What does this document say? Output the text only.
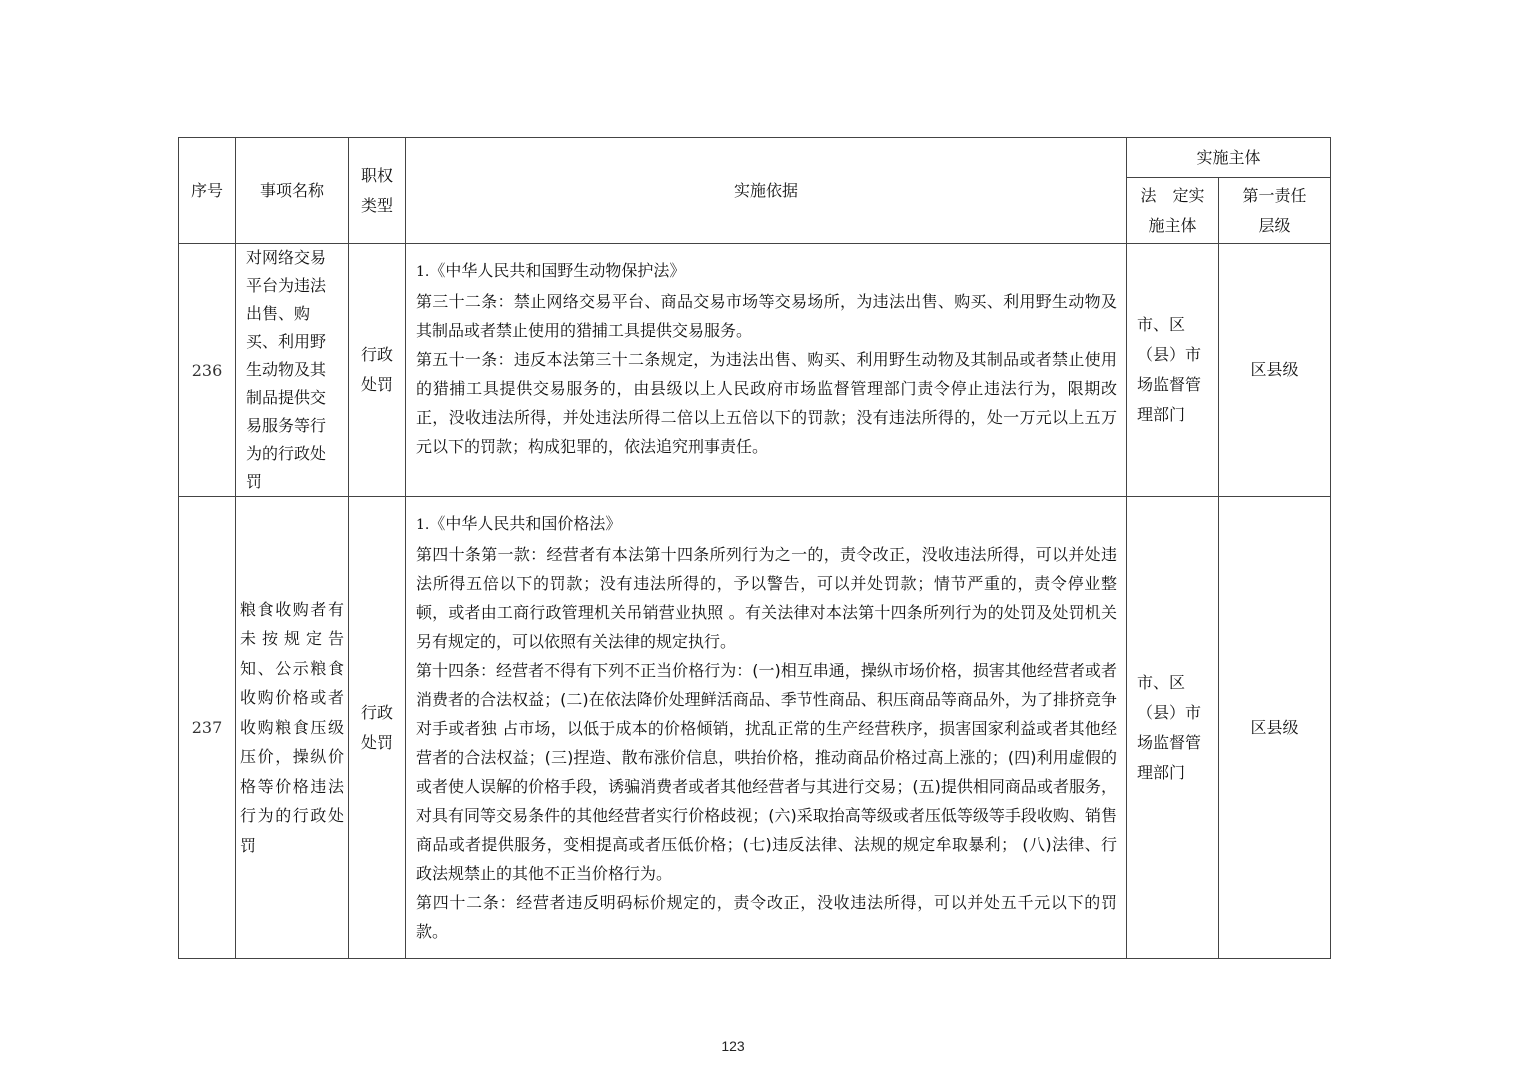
序号	事项名称	职权类型	实施依据	实施主体	
				法　定实施主体	第一责任层级
236	对网络交易平台为违法出售、购买、利用野生动物及其制品提供交易服务等行为的行政处罚	行政处罚	1.《中华人民共和国野生动物保护法》

第三十二条：禁止网络交易平台、商品交易市场等交易场所，为违法出售、购买、利用野生动物及其制品或者禁止使用的猎捕工具提供交易服务。

第五十一条：违反本法第三十二条规定，为违法出售、购买、利用野生动物及其制品或者禁止使用的猎捕工具提供交易服务的，由县级以上人民政府市场监督管理部门责令停止违法行为，限期改正，没收违法所得，并处违法所得二倍以上五倍以下的罚款；没有违法所得的，处一万元以上五万元以下的罚款；构成犯罪的，依法追究刑事责任。	市、区（县）市场监督管理部门	区县级
237	粮食收购者有未按规定告知、公示粮食收购价格或者收购粮食压级压价，操纵价格等价格违法行为的行政处罚	行政处罚	1.《中华人民共和国价格法》

第四十条第一款：经营者有本法第十四条所列行为之一的，责令改正，没收违法所得，可以并处违法所得五倍以下的罚款；没有违法所得的，予以警告，可以并处罚款；情节严重的，责令停业整顿，或者由工商行政管理机关吊销营业执照 。有关法律对本法第十四条所列行为的处罚及处罚机关另有规定的，可以依照有关法律的规定执行。

第十四条：经营者不得有下列不正当价格行为：(一)相互串通，操纵市场价格，损害其他经营者或者消费者的合法权益；(二)在依法降价处理鲜活商品、季节性商品、积压商品等商品外，为了排挤竞争对手或者独 占市场，以低于成本的价格倾销，扰乱正常的生产经营秩序，损害国家利益或者其他经营者的合法权益；(三)捏造、散布涨价信息，哄抬价格，推动商品价格过高上涨的；(四)利用虚假的或者使人误解的价格手段，诱骗消费者或者其他经营者与其进行交易；(五)提供相同商品或者服务，对具有同等交易条件的其他经营者实行价格歧视；(六)采取抬高等级或者压低等级等手段收购、销售商品或者提供服务，变相提高或者压低价格；(七)违反法律、法规的规定牟取暴利； (八)法律、行政法规禁止的其他不正当价格行为。

第四十二条：经营者违反明码标价规定的，责令改正，没收违法所得，可以并处五千元以下的罚款。	市、区（县）市场监督管理部门	区县级
123
